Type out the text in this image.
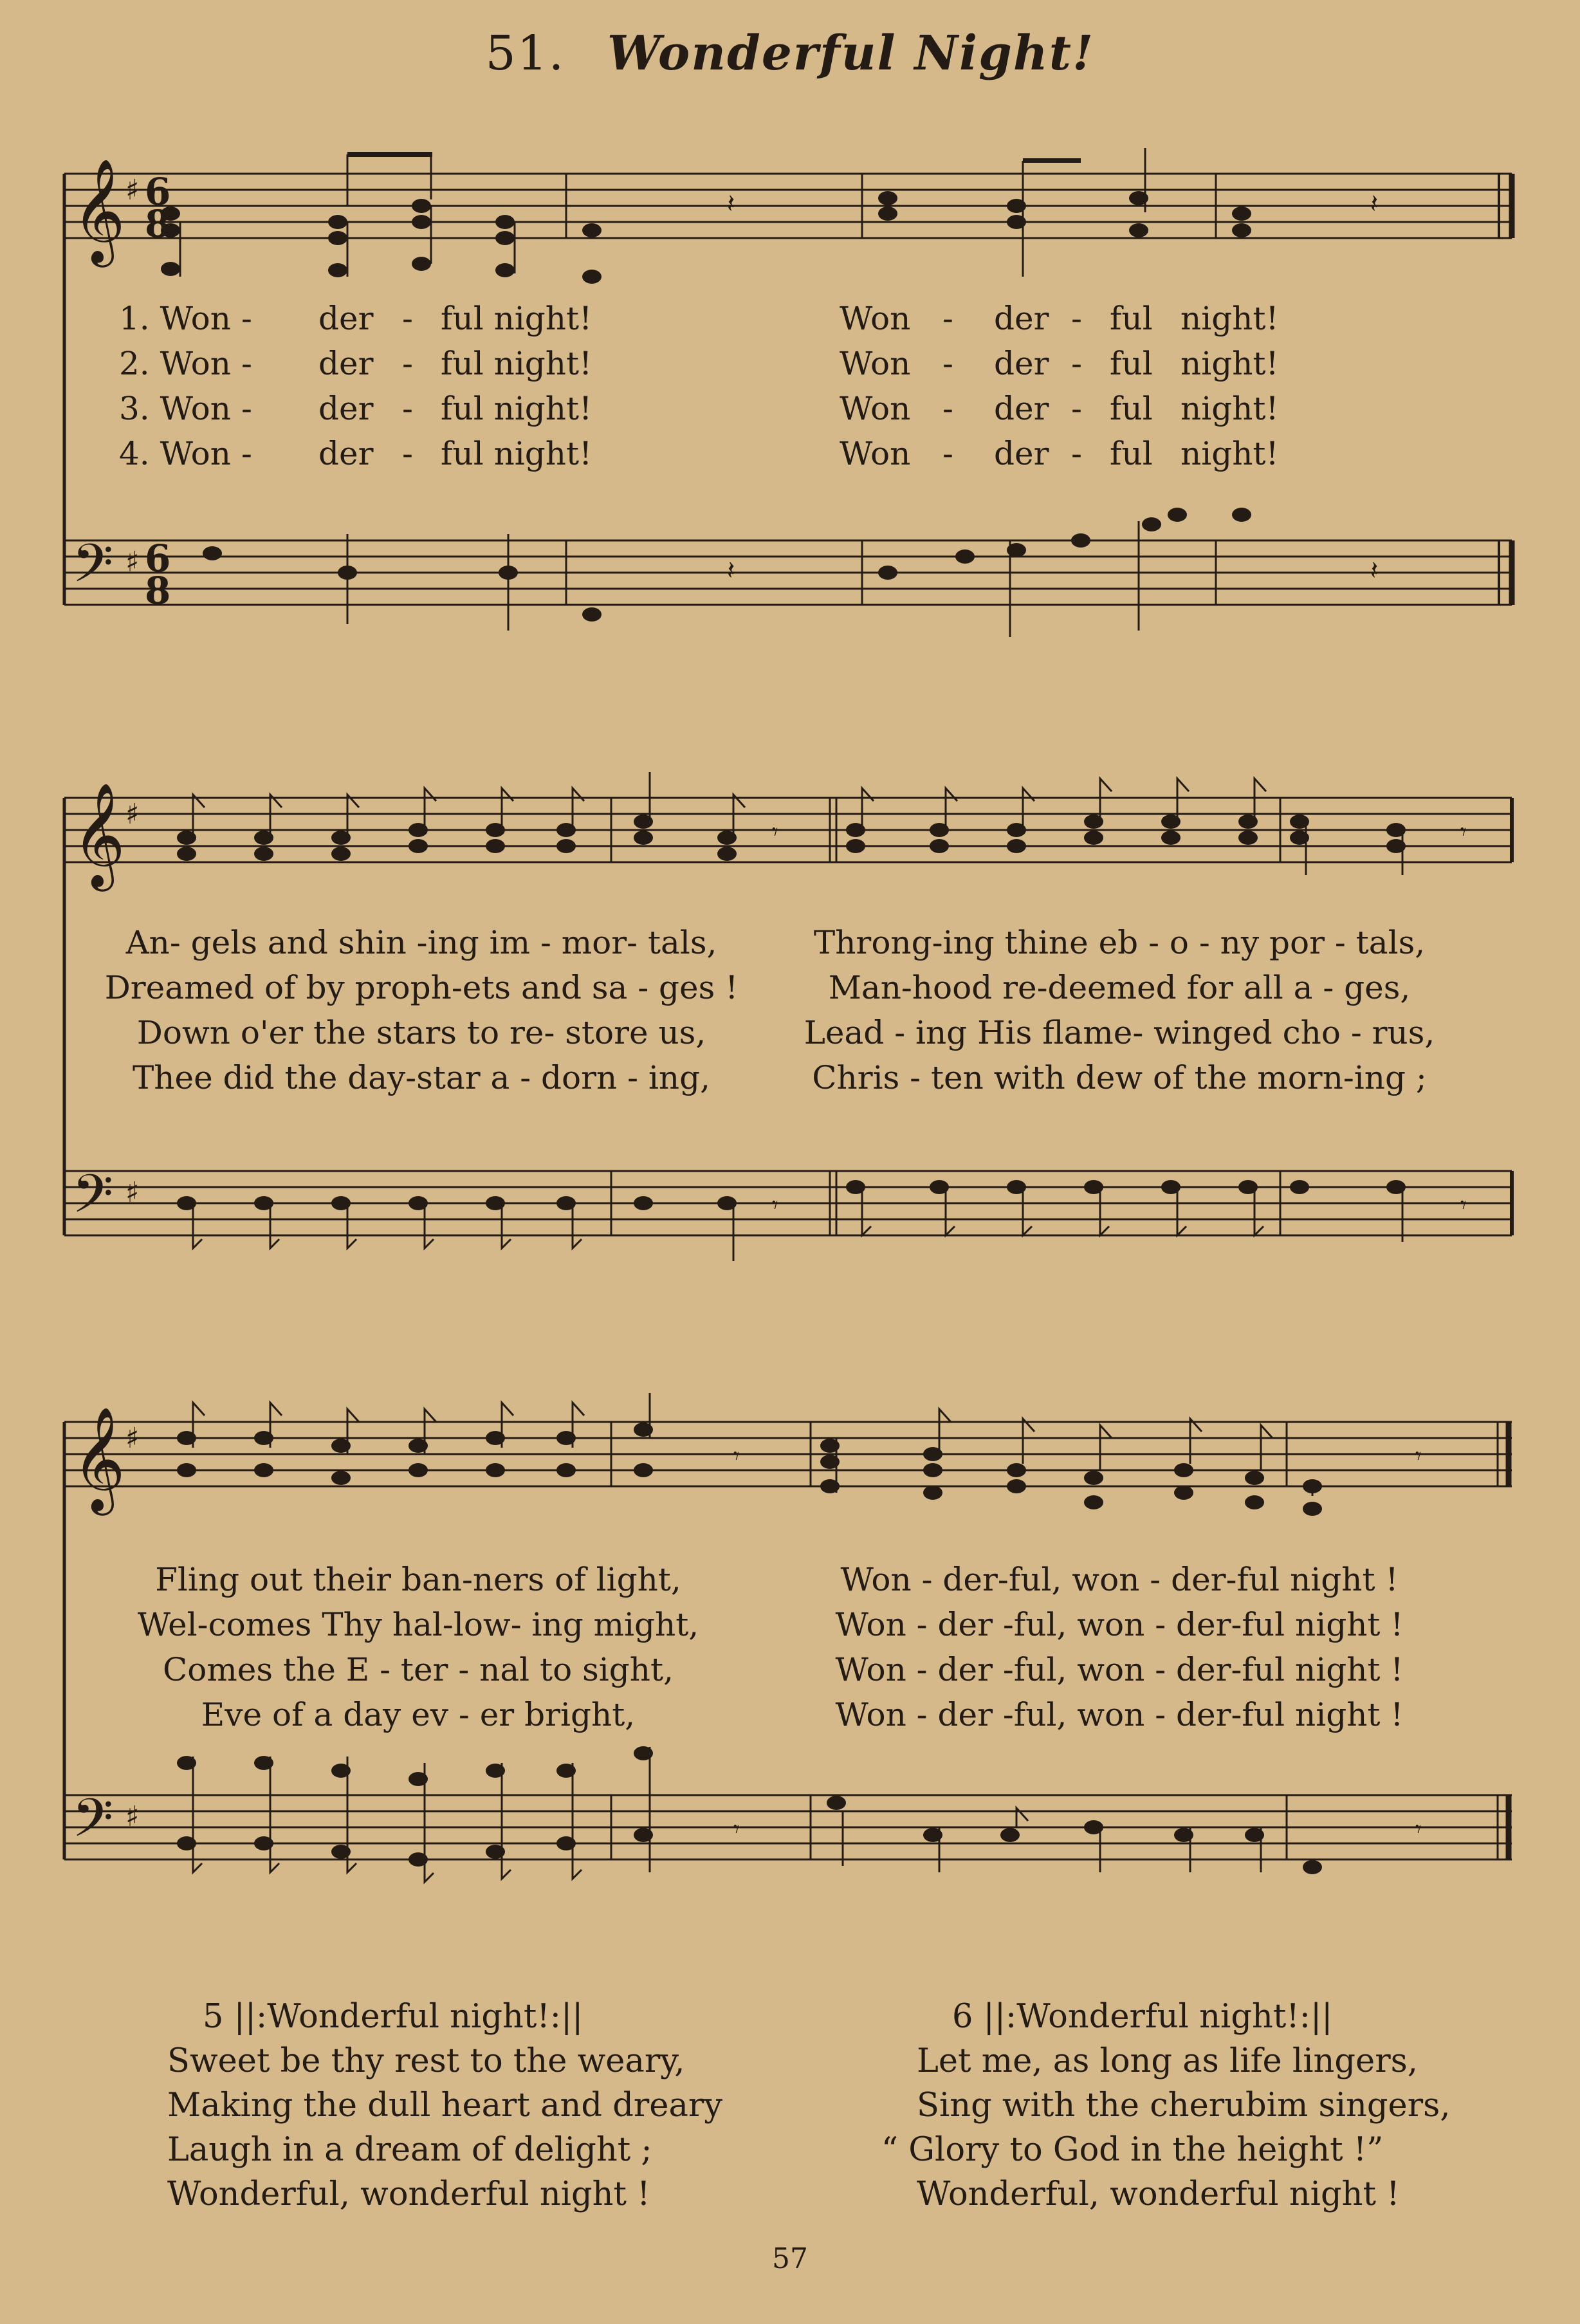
51. Wonderful Night!
𝄽	𝄽
𝄽	𝄽
𝄞 ♯ 6
8
𝄢 ♯ 6
8
1. Won - der - ful night!
2. Won - der - ful night!
3. Won - der - ful night!
4. Won - der - ful night!
Won - der - ful night!
Won - der - ful night!
Won - der - ful night!
Won - der - ful night!
𝄾	𝄾
𝄾	𝄾
𝄞 ♯
𝄢 ♯
An- gels and shin -ing im - mor- tals,
Dreamed of by proph-ets and sa - ges !
Down o'er the stars to re- store us,
Thee did the day-star a - dorn - ing,
Throng-ing thine eb - o - ny por - tals,
Man-hood re-deemed for all a - ges,
Lead - ing His flame- winged cho - rus,
Chris - ten with dew of the morn-ing ;
𝄾	𝄾
𝄾	𝄾
𝄞 ♯
𝄢 ♯
Fling out their ban-ners of light,
Wel-comes Thy hal-low- ing might,
Comes the E - ter - nal to sight,
Eve of a day ev - er bright,
Won - der-ful, won - der-ful night !
Won - der -ful, won - der-ful night !
Won - der -ful, won - der-ful night !
Won - der -ful, won - der-ful night !
5 ||:Wonderful night!:||
Sweet be thy rest to the weary,
Making the dull heart and dreary
Laugh in a dream of delight ;
Wonderful, wonderful night !
6 ||:Wonderful night!:||
Let me, as long as life lingers,
Sing with the cherubim singers,
“ Glory to God in the height !”
Wonderful, wonderful night !
57
